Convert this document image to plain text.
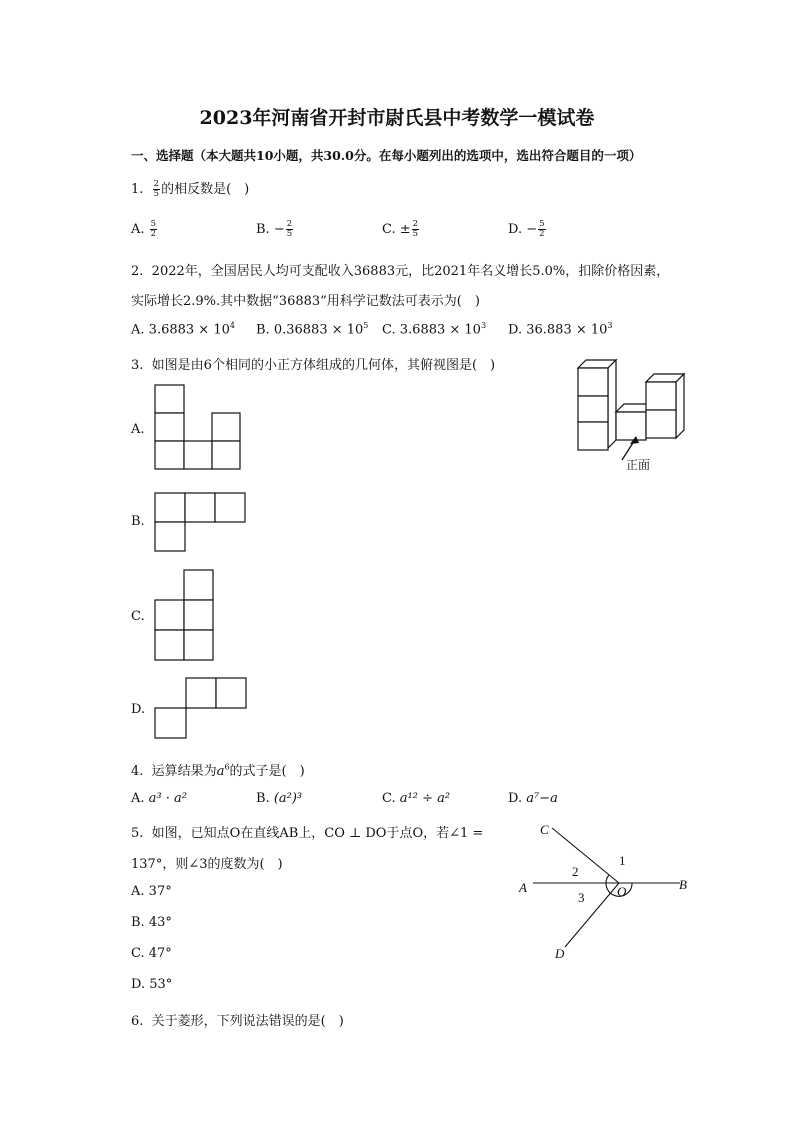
2023年河南省开封市尉氏县中考数学一模试卷
一、选择题（本大题共10小题，共30.0分。在每小题列出的选项中，选出符合题目的一项）
1. $\frac{2}{5}$ 的相反数是(　)
A. $\frac{5}{2}$	B. − $\frac{2}{5}$	C. ± $\frac{2}{5}$	D. − $\frac{5}{2}$
2. 2022年，全国居民人均可支配收入36883元，比2021年名义增长5.0%，扣除价格因素，
实际增长2.9%.其中数据“36883”用科学记数法可表示为(　)
A. $3.6883 \times 10^4$ B. $0.36883 \times 10^5$ C. $3.6883 \times 10^3$ D. $36.883 \times 10^3$
3. 如图是由6个相同的小正方体组成的几何体，其俯视图是(　)
正面
A.
B.
C.
D.
4. 运算结果为$a^6$的式子是(　)
A. a³ · a²	B. (a²)³	C. a¹² ÷ a²	D. a⁷−a
5. 如图，已知点O在直线AB上，CO ⊥ DO于点O，若∠1 =
137°，则∠3的度数为(　)
A. 37°
B. 43°
C. 47°
D. 53°
C
A	O	B
D
1
2
3
6. 关于菱形，下列说法错误的是(　)
